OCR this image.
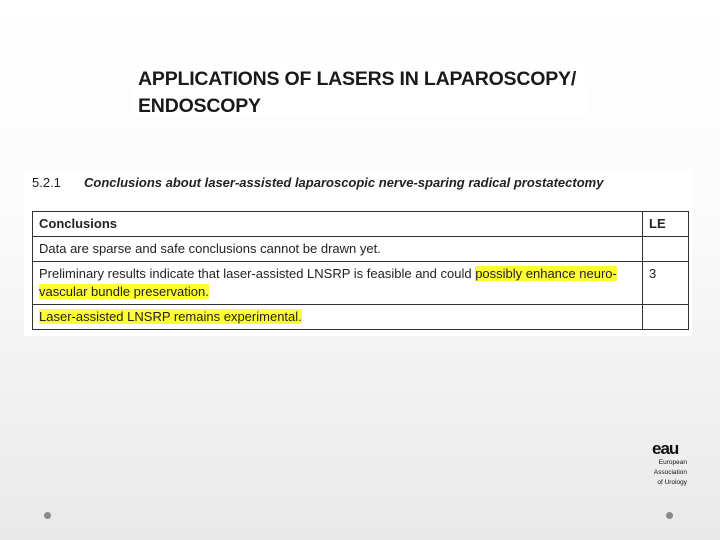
APPLICATIONS OF LASERS IN LAPAROSCOPY/ ENDOSCOPY
5.2.1 Conclusions about laser-assisted laparoscopic nerve-sparing radical prostatectomy
Conclusions	LE
Data are sparse and safe conclusions cannot be drawn yet.	
Preliminary results indicate that laser-assisted LNSRP is feasible and could possibly enhance neuro-vascular bundle preservation.	3
Laser-assisted LNSRP remains experimental.	
eau
European
Association
of Urology
